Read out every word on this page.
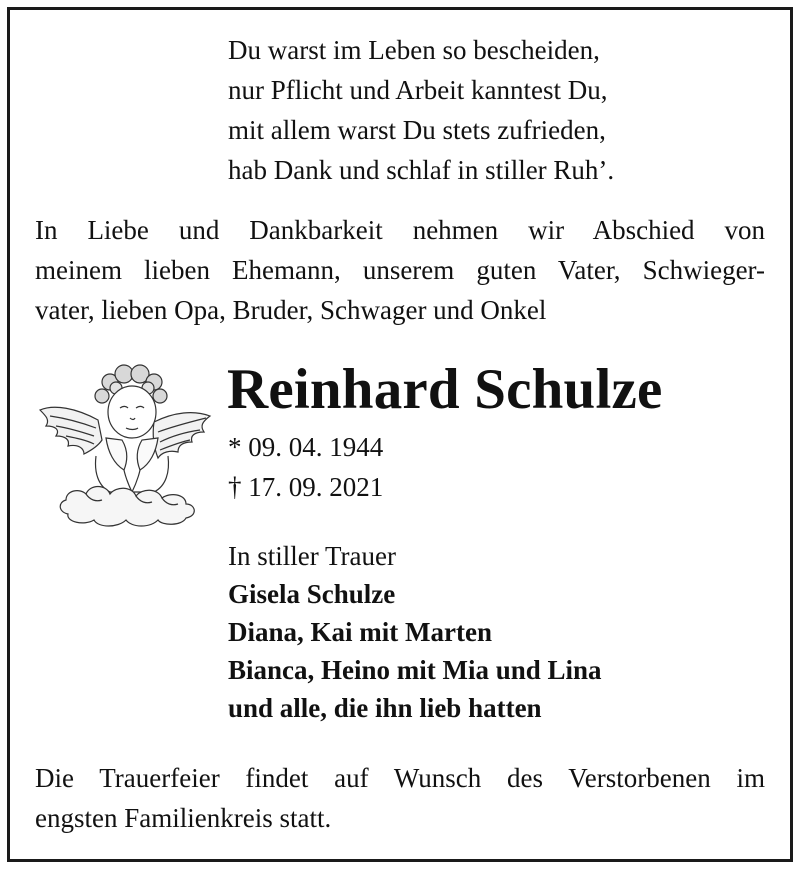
Du warst im Leben so bescheiden,
nur Pflicht und Arbeit kanntest Du,
mit allem warst Du stets zufrieden,
hab Dank und schlaf in stiller Ruh’.
In Liebe und Dankbarkeit nehmen wir Abschied von
meinem lieben Ehemann, unserem guten Vater, Schwieger-
vater, lieben Opa, Bruder, Schwager und Onkel
Reinhard Schulze
* 09. 04. 1944
† 17. 09. 2021
In stiller Trauer
Gisela Schulze
Diana, Kai mit Marten
Bianca, Heino mit Mia und Lina
und alle, die ihn lieb hatten
Die Trauerfeier findet auf Wunsch des Verstorbenen im
engsten Familienkreis statt.
